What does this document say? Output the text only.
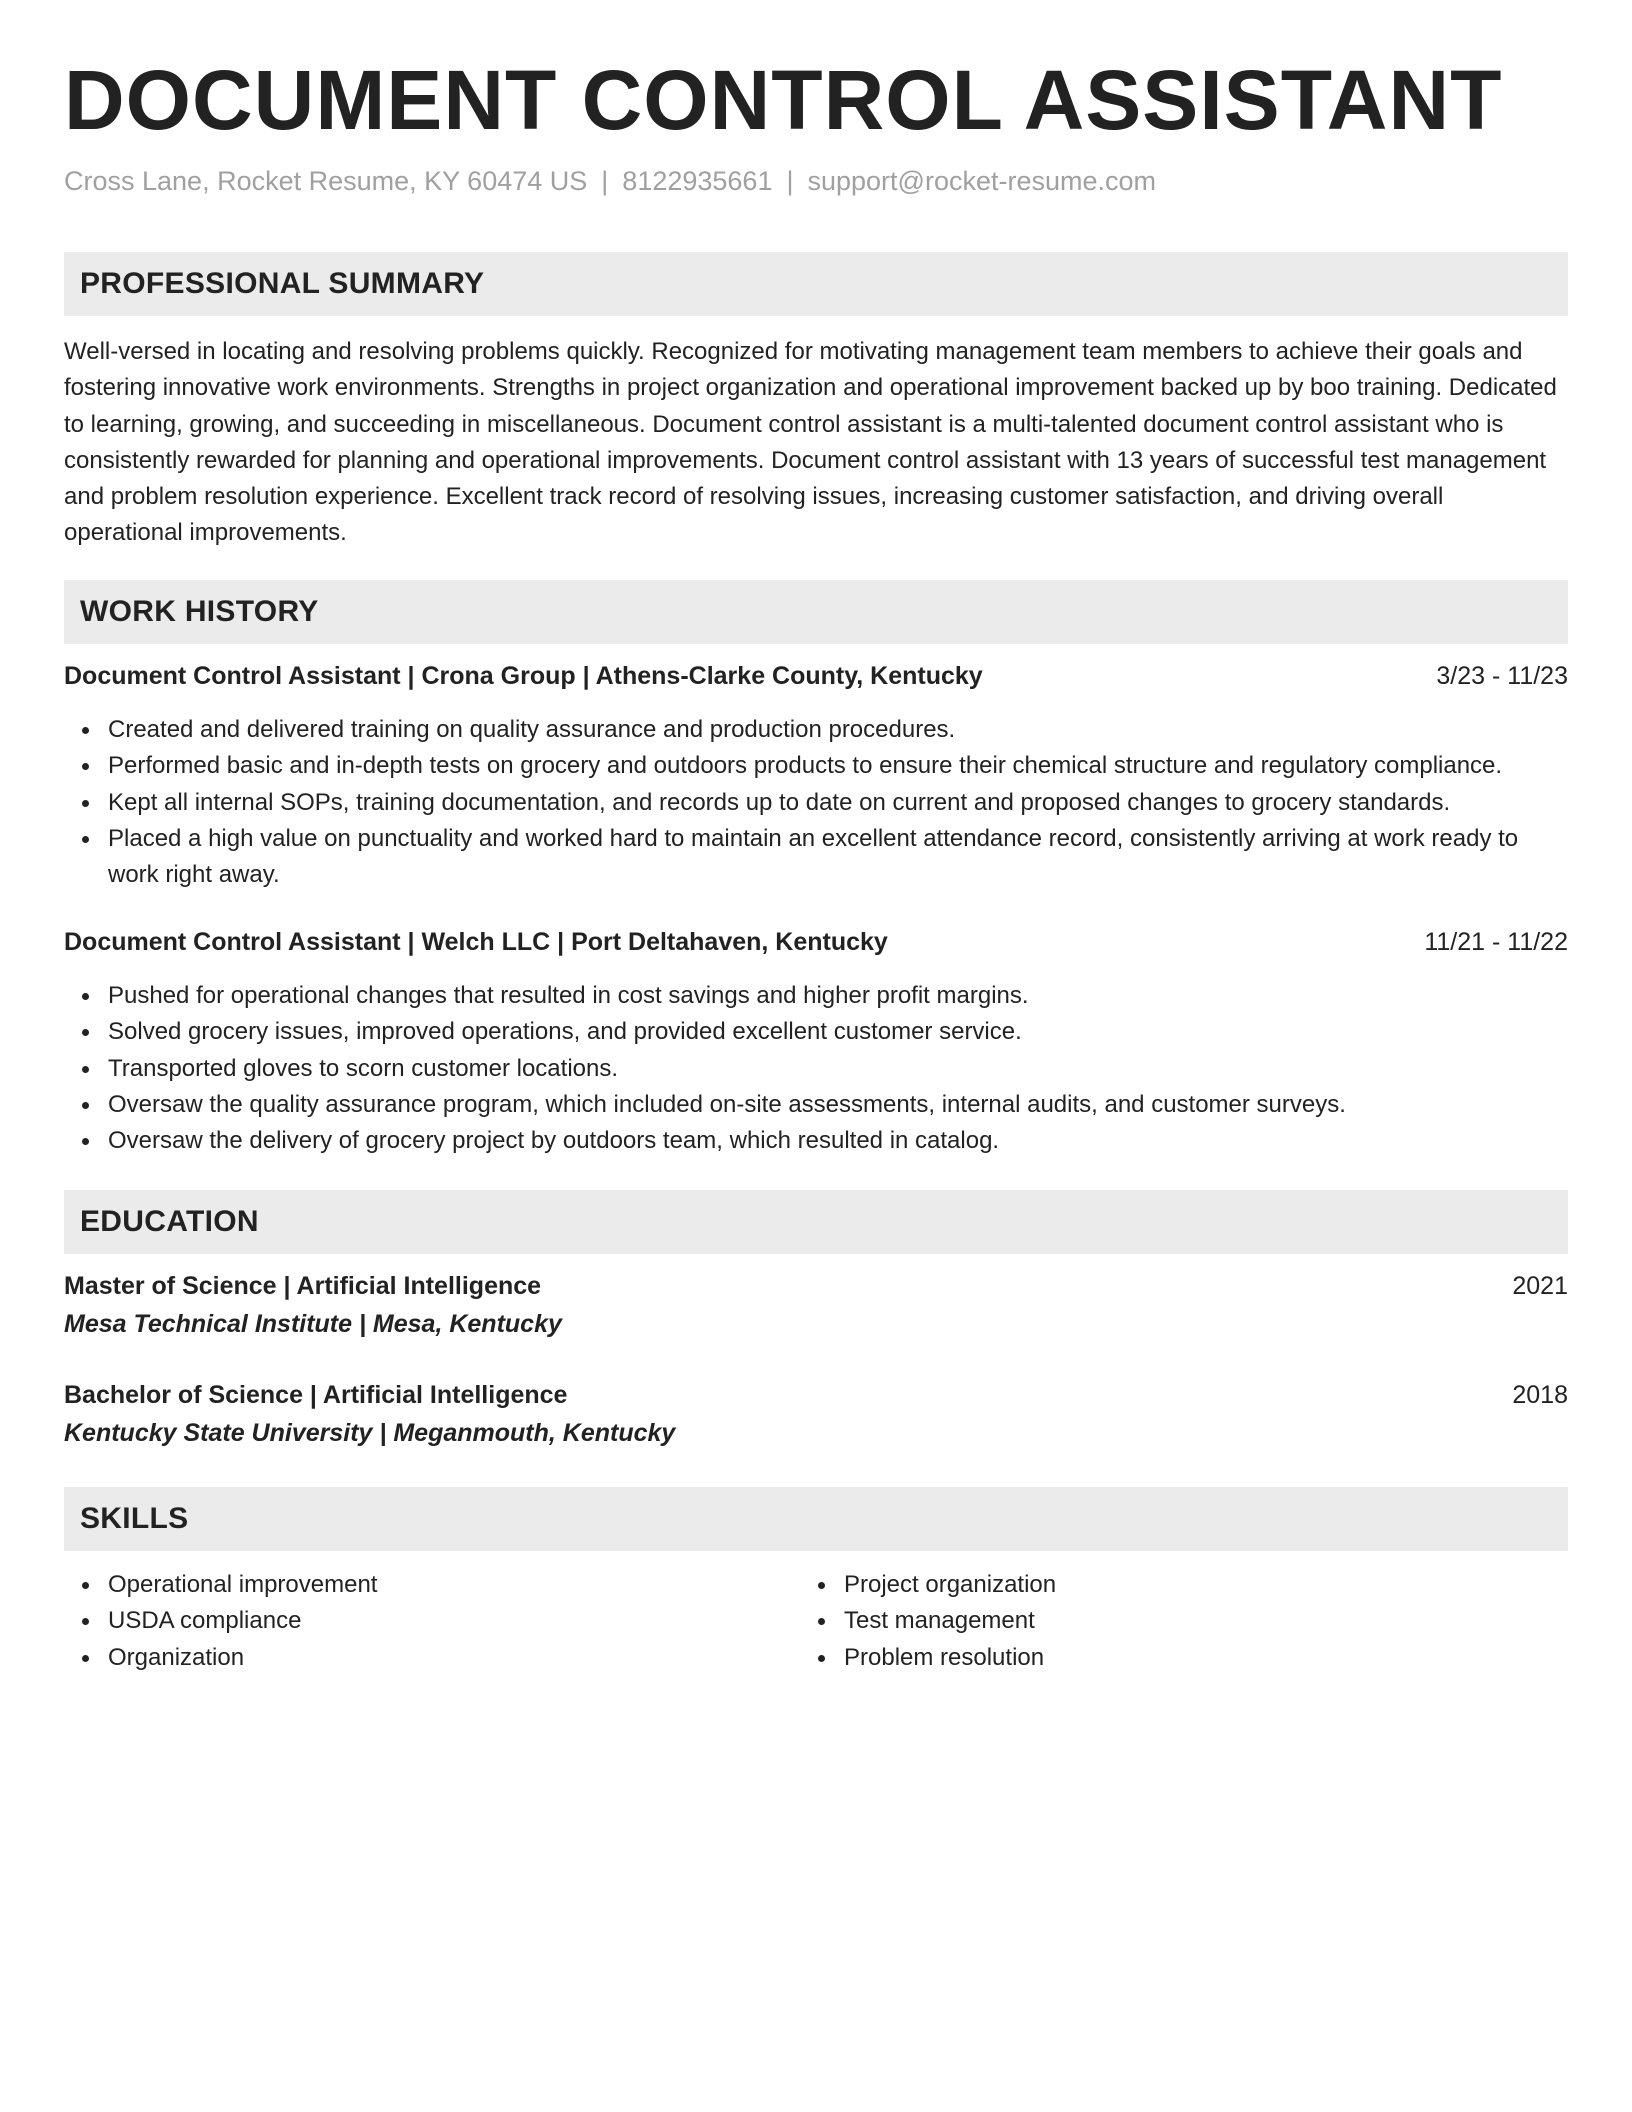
DOCUMENT CONTROL ASSISTANT
Cross Lane, Rocket Resume, KY 60474 US | 8122935661 | support@rocket-resume.com
PROFESSIONAL SUMMARY

Well-versed in locating and resolving problems quickly. Recognized for motivating management team members to achieve their goals and fostering innovative work environments. Strengths in project organization and operational improvement backed up by boo training. Dedicated to learning, growing, and succeeding in miscellaneous. Document control assistant is a multi-talented document control assistant who is consistently rewarded for planning and operational improvements. Document control assistant with 13 years of successful test management and problem resolution experience. Excellent track record of resolving issues, increasing customer satisfaction, and driving overall operational improvements.

WORK HISTORY
Document Control Assistant | Crona Group | Athens-Clarke County, Kentucky	3/23 - 11/23
Created and delivered training on quality assurance and production procedures.
Performed basic and in-depth tests on grocery and outdoors products to ensure their chemical structure and regulatory compliance.
Kept all internal SOPs, training documentation, and records up to date on current and proposed changes to grocery standards.
Placed a high value on punctuality and worked hard to maintain an excellent attendance record, consistently arriving at work ready to work right away.
Document Control Assistant | Welch LLC | Port Deltahaven, Kentucky	11/21 - 11/22
Pushed for operational changes that resulted in cost savings and higher profit margins.
Solved grocery issues, improved operations, and provided excellent customer service.
Transported gloves to scorn customer locations.
Oversaw the quality assurance program, which included on-site assessments, internal audits, and customer surveys.
Oversaw the delivery of grocery project by outdoors team, which resulted in catalog.
EDUCATION
Master of Science | Artificial Intelligence	2021
Mesa Technical Institute | Mesa, Kentucky
Bachelor of Science | Artificial Intelligence	2018
Kentucky State University | Meganmouth, Kentucky
SKILLS
Operational improvement
USDA compliance
Organization
Project organization
Test management
Problem resolution
